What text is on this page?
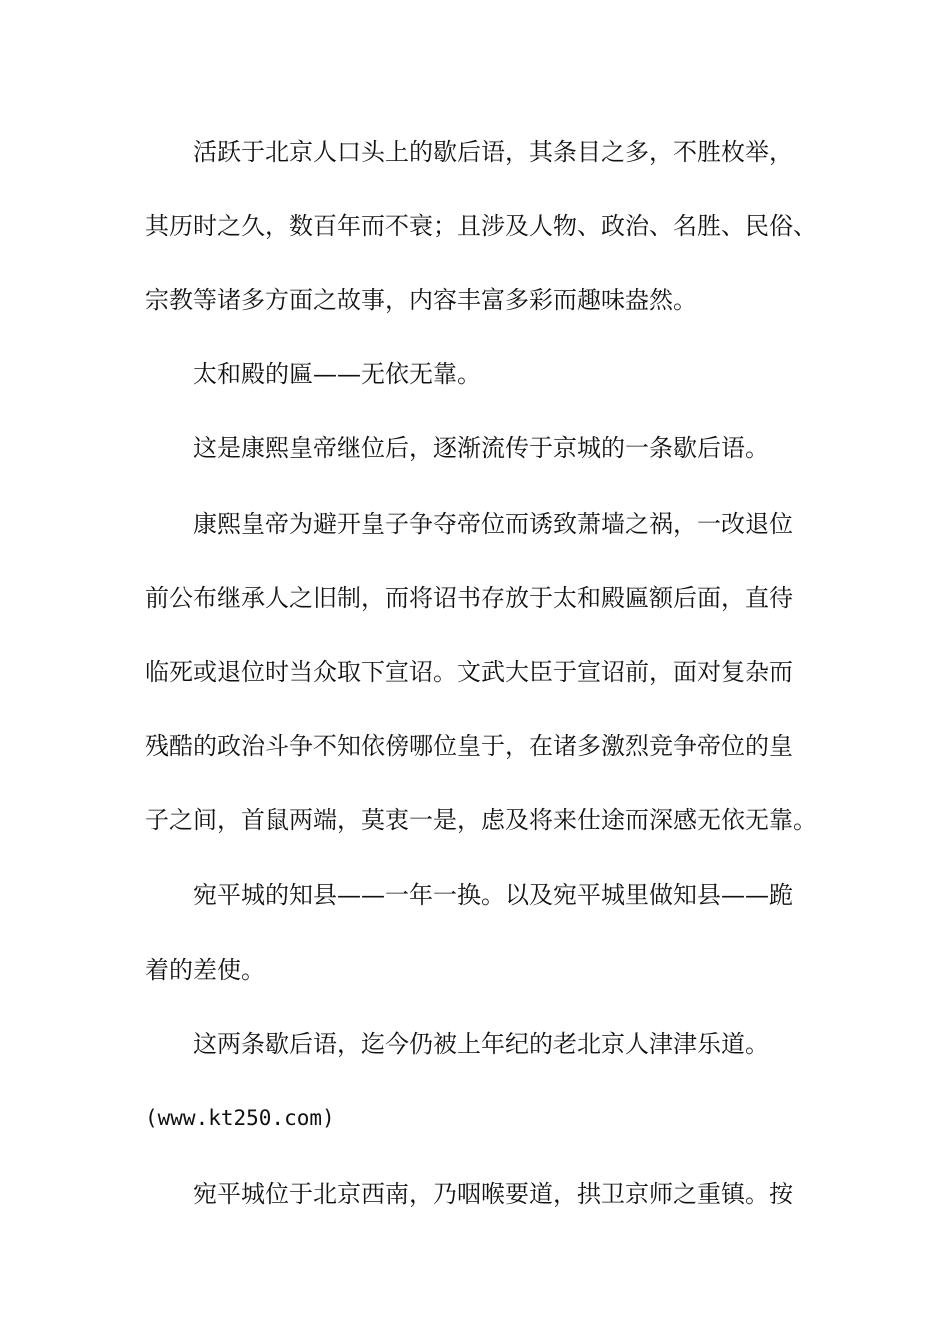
活跃于北京人口头上的歇后语，其条目之多，不胜枚举，
其历时之久，数百年而不衰；且涉及人物、政治、名胜、民俗、
宗教等诸多方面之故事，内容丰富多彩而趣味盎然。
太和殿的匾——无依无靠。
这是康熙皇帝继位后，逐渐流传于京城的一条歇后语。
康熙皇帝为避开皇子争夺帝位而诱致萧墙之祸，一改退位
前公布继承人之旧制，而将诏书存放于太和殿匾额后面，直待
临死或退位时当众取下宣诏。文武大臣于宣诏前，面对复杂而
残酷的政治斗争不知依傍哪位皇于，在诸多激烈竞争帝位的皇
子之间，首鼠两端，莫衷一是，虑及将来仕途而深感无依无靠。
宛平城的知县——一年一换。以及宛平城里做知县——跪
着的差使。
这两条歇后语，迄今仍被上年纪的老北京人津津乐道。
(www.kt250.com)
宛平城位于北京西南，乃咽喉要道，拱卫京师之重镇。按
